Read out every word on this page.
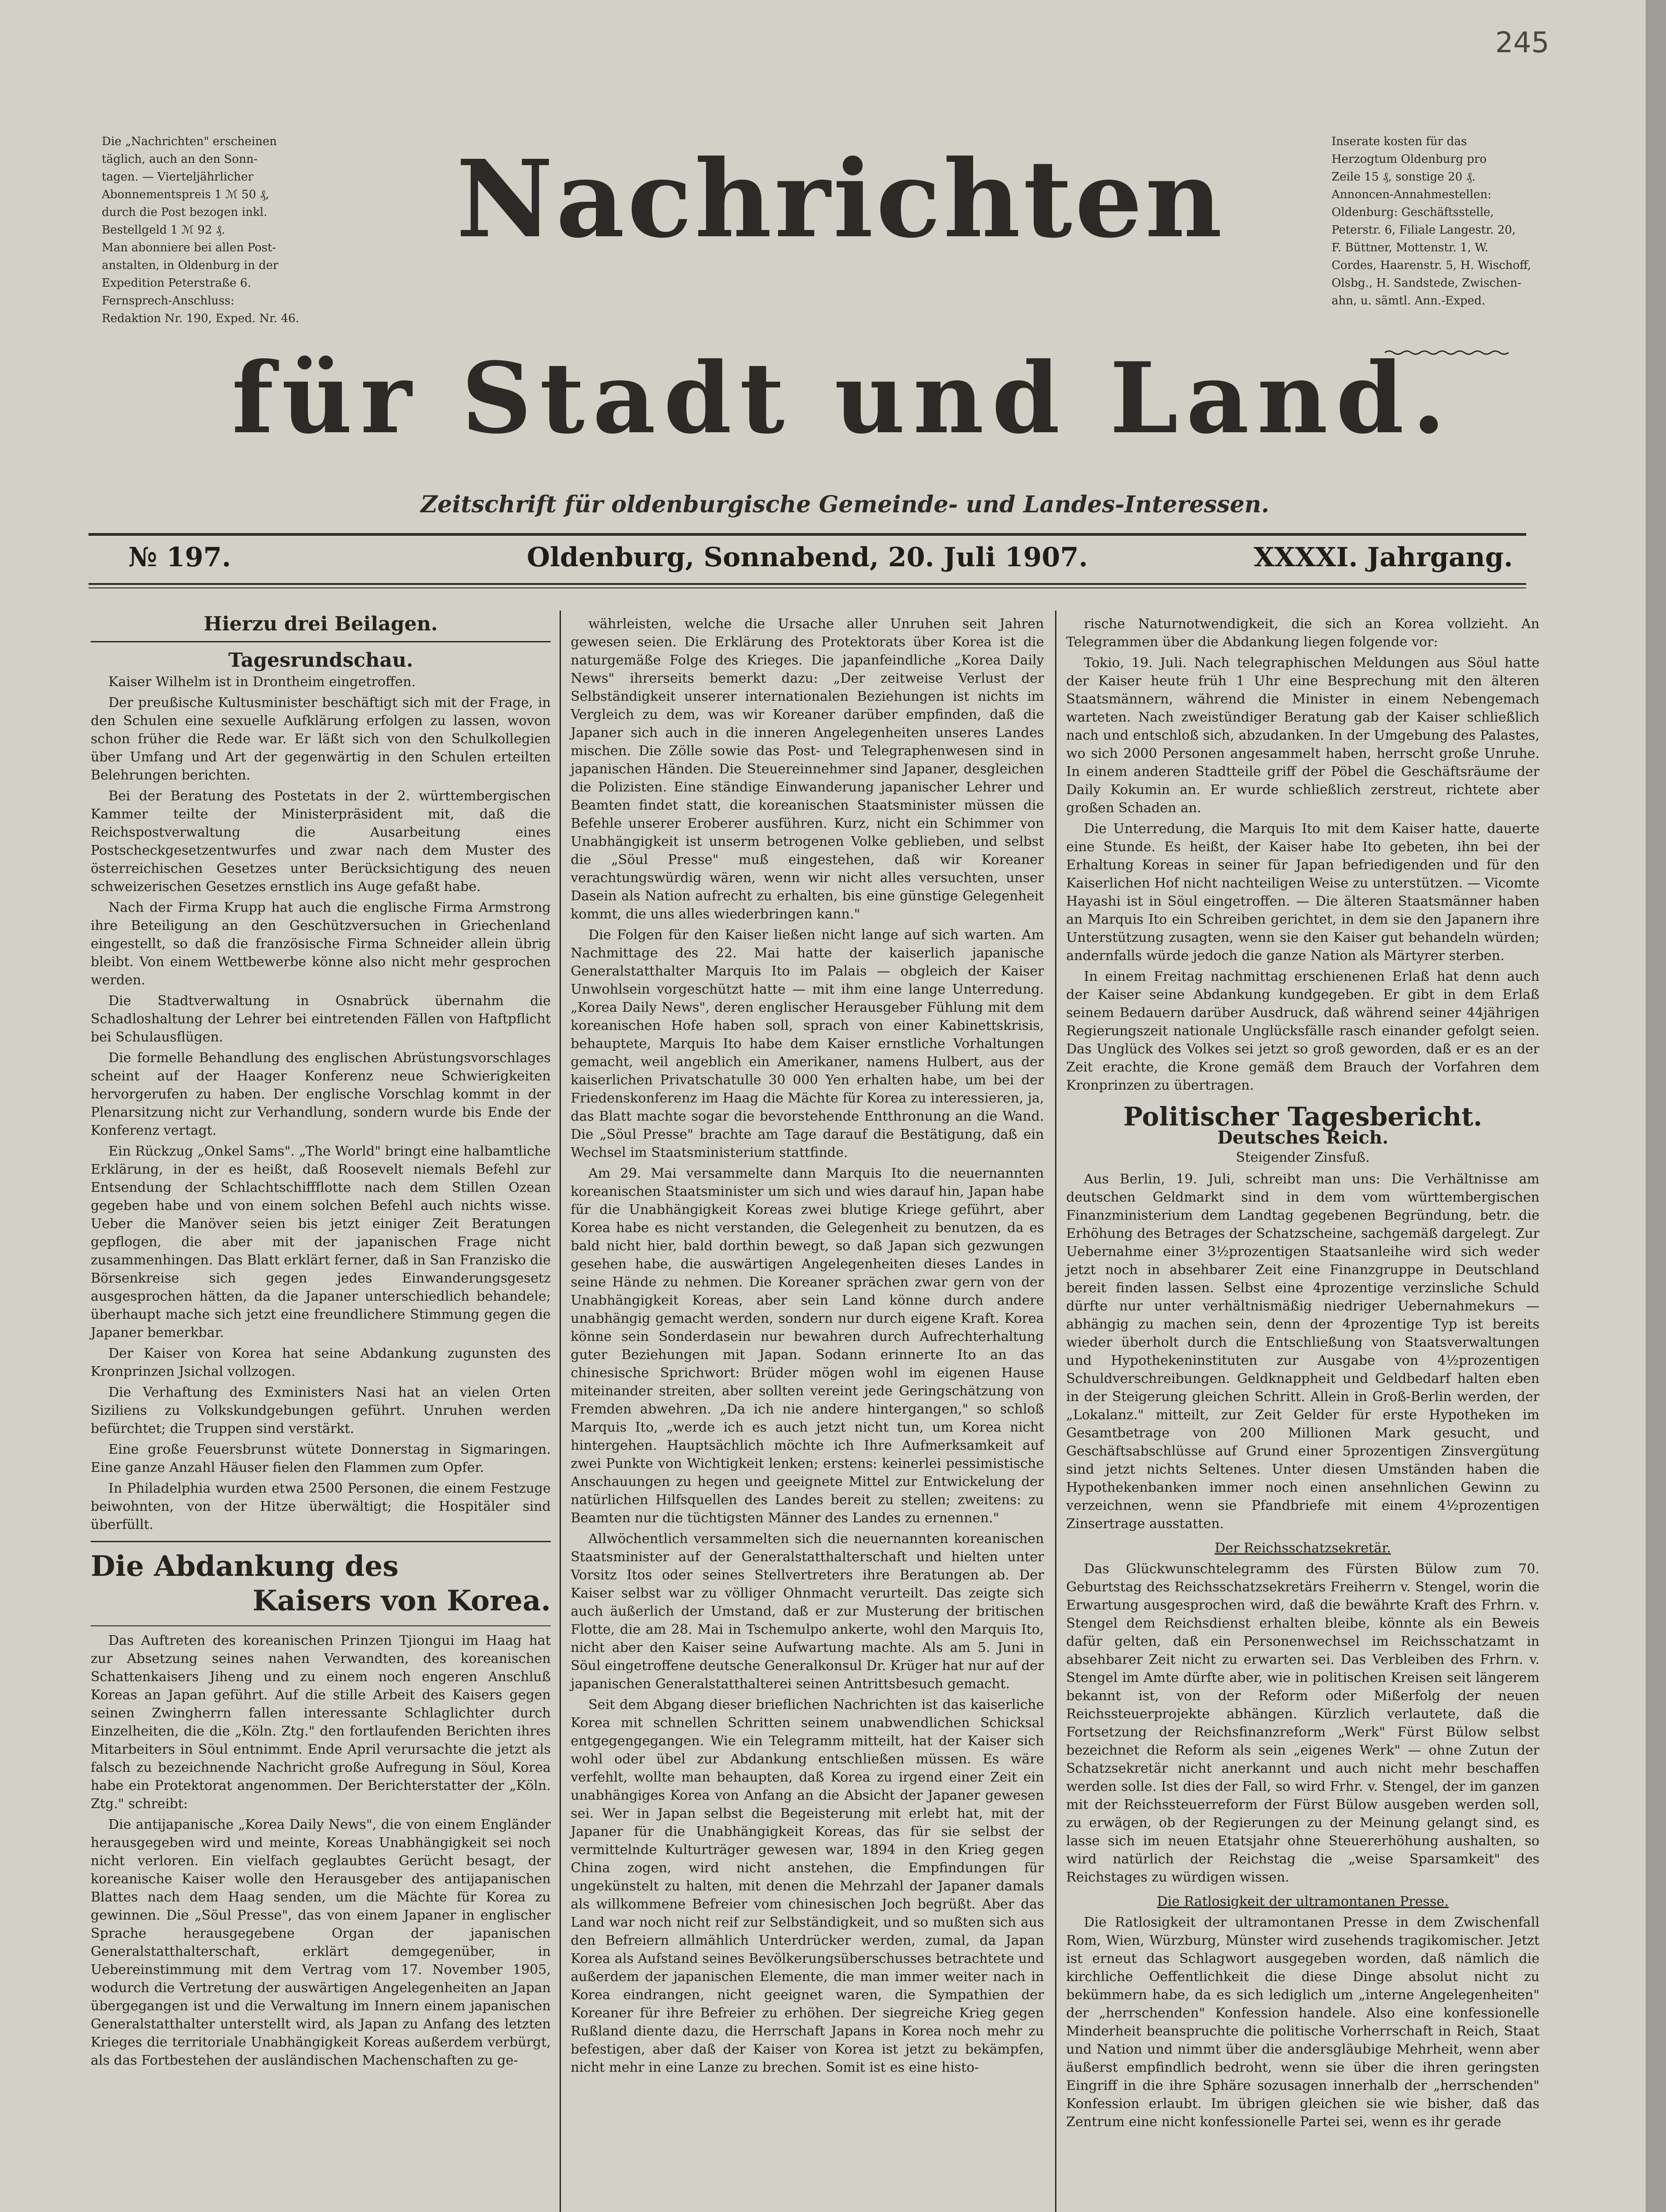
245
Die „Nachrichten" erscheinen
täglich, auch an den Sonn-
tagen. — Vierteljährlicher
Abonnementspreis 1 ℳ 50 ₰,
durch die Post bezogen inkl.
Bestellgeld 1 ℳ 92 ₰.
Man abonniere bei allen Post-
anstalten, in Oldenburg in der
Expedition Peterstraße 6.
Fernsprech-Anschluss:
Redaktion Nr. 190, Exped. Nr. 46.
Inserate kosten für das
Herzogtum Oldenburg pro
Zeile 15 ₰, sonstige 20 ₰.
Annoncen-Annahmestellen:
Oldenburg: Geschäftsstelle,
Peterstr. 6, Filiale Langestr. 20,
F. Büttner, Mottenstr. 1, W.
Cordes, Haarenstr. 5, H. Wischoff,
Olsbg., H. Sandstede, Zwischen-
ahn, u. sämtl. Ann.-Exped.
Nachrichten
für Stadt und Land.
Zeitschrift für oldenburgische Gemeinde- und Landes-Interessen.
№ 197.	Oldenburg, Sonnabend, 20. Juli 1907.	XXXXI. Jahrgang.
Hierzu drei Beilagen.
Tagesrundschau.

Kaiser Wilhelm ist in Drontheim eingetroffen.

Der preußische Kultusminister beschäftigt sich mit der Frage, in den Schulen eine sexuelle Aufklärung erfolgen zu lassen, wovon schon früher die Rede war. Er läßt sich von den Schulkollegien über Umfang und Art der gegenwärtig in den Schulen erteilten Belehrungen berichten.

Bei der Beratung des Postetats in der 2. württembergischen Kammer teilte der Ministerpräsident mit, daß die Reichspostverwaltung die Ausarbeitung eines Postscheckgesetzentwurfes und zwar nach dem Muster des österreichischen Gesetzes unter Berücksichtigung des neuen schweizerischen Gesetzes ernstlich ins Auge gefaßt habe.

Nach der Firma Krupp hat auch die englische Firma Armstrong ihre Beteiligung an den Geschützversuchen in Griechenland eingestellt, so daß die französische Firma Schneider allein übrig bleibt. Von einem Wettbewerbe könne also nicht mehr gesprochen werden.

Die Stadtverwaltung in Osnabrück übernahm die Schadloshaltung der Lehrer bei eintretenden Fällen von Haftpflicht bei Schulausflügen.

Die formelle Behandlung des englischen Abrüstungsvorschlages scheint auf der Haager Konferenz neue Schwierigkeiten hervorgerufen zu haben. Der englische Vorschlag kommt in der Plenarsitzung nicht zur Verhandlung, sondern wurde bis Ende der Konferenz vertagt.

Ein Rückzug „Onkel Sams". „The World" bringt eine halbamtliche Erklärung, in der es heißt, daß Roosevelt niemals Befehl zur Entsendung der Schlachtschiffflotte nach dem Stillen Ozean gegeben habe und von einem solchen Befehl auch nichts wisse. Ueber die Manöver seien bis jetzt einiger Zeit Beratungen gepflogen, die aber mit der japanischen Frage nicht zusammenhingen. Das Blatt erklärt ferner, daß in San Franzisko die Börsenkreise sich gegen jedes Einwanderungsgesetz ausgesprochen hätten, da die Japaner unterschiedlich behandele; überhaupt mache sich jetzt eine freundlichere Stimmung gegen die Japaner bemerkbar.

Der Kaiser von Korea hat seine Abdankung zugunsten des Kronprinzen Jsichal vollzogen.

Die Verhaftung des Exministers Nasi hat an vielen Orten Siziliens zu Volkskundgebungen geführt. Unruhen werden befürchtet; die Truppen sind verstärkt.

Eine große Feuersbrunst wütete Donnerstag in Sigmaringen. Eine ganze Anzahl Häuser fielen den Flammen zum Opfer.

In Philadelphia wurden etwa 2500 Personen, die einem Festzuge beiwohnten, von der Hitze überwältigt; die Hospitäler sind überfüllt.

Die Abdankung des
Kaisers von Korea.

Das Auftreten des koreanischen Prinzen Tjiongui im Haag hat zur Absetzung seines nahen Verwandten, des koreanischen Schattenkaisers Jiheng und zu einem noch engeren Anschluß Koreas an Japan geführt. Auf die stille Arbeit des Kaisers gegen seinen Zwingherrn fallen interessante Schlaglichter durch Einzelheiten, die die „Köln. Ztg." den fortlaufenden Berichten ihres Mitarbeiters in Söul entnimmt. Ende April verursachte die jetzt als falsch zu bezeichnende Nachricht große Aufregung in Söul, Korea habe ein Protektorat angenommen. Der Berichterstatter der „Köln. Ztg." schreibt:

Die antijapanische „Korea Daily News", die von einem Engländer herausgegeben wird und meinte, Koreas Unabhängigkeit sei noch nicht verloren. Ein vielfach geglaubtes Gerücht besagt, der koreanische Kaiser wolle den Herausgeber des antijapanischen Blattes nach dem Haag senden, um die Mächte für Korea zu gewinnen. Die „Söul Presse", das von einem Japaner in englischer Sprache herausgegebene Organ der japanischen Generalstatthalterschaft, erklärt demgegenüber, in Uebereinstimmung mit dem Vertrag vom 17. November 1905, wodurch die Vertretung der auswärtigen Angelegenheiten an Japan übergegangen ist und die Verwaltung im Innern einem japanischen Generalstatthalter unterstellt wird, als Japan zu Anfang des letzten Krieges die territoriale Unabhängigkeit Koreas außerdem verbürgt, als das Fortbestehen der ausländischen Machenschaften zu ge-

währleisten, welche die Ursache aller Unruhen seit Jahren gewesen seien. Die Erklärung des Protektorats über Korea ist die naturgemäße Folge des Krieges. Die japanfeindliche „Korea Daily News" ihrerseits bemerkt dazu: „Der zeitweise Verlust der Selbständigkeit unserer internationalen Beziehungen ist nichts im Vergleich zu dem, was wir Koreaner darüber empfinden, daß die Japaner sich auch in die inneren Angelegenheiten unseres Landes mischen. Die Zölle sowie das Post- und Telegraphenwesen sind in japanischen Händen. Die Steuereinnehmer sind Japaner, desgleichen die Polizisten. Eine ständige Einwanderung japanischer Lehrer und Beamten findet statt, die koreanischen Staatsminister müssen die Befehle unserer Eroberer ausführen. Kurz, nicht ein Schimmer von Unabhängigkeit ist unserm betrogenen Volke geblieben, und selbst die „Söul Presse" muß eingestehen, daß wir Koreaner verachtungswürdig wären, wenn wir nicht alles versuchten, unser Dasein als Nation aufrecht zu erhalten, bis eine günstige Gelegenheit kommt, die uns alles wiederbringen kann."

Die Folgen für den Kaiser ließen nicht lange auf sich warten. Am Nachmittage des 22. Mai hatte der kaiserlich japanische Generalstatthalter Marquis Ito im Palais — obgleich der Kaiser Unwohlsein vorgeschützt hatte — mit ihm eine lange Unterredung. „Korea Daily News", deren englischer Herausgeber Fühlung mit dem koreanischen Hofe haben soll, sprach von einer Kabinettskrisis, behauptete, Marquis Ito habe dem Kaiser ernstliche Vorhaltungen gemacht, weil angeblich ein Amerikaner, namens Hulbert, aus der kaiserlichen Privatschatulle 30 000 Yen erhalten habe, um bei der Friedenskonferenz im Haag die Mächte für Korea zu interessieren, ja, das Blatt machte sogar die bevorstehende Entthronung an die Wand. Die „Söul Presse" brachte am Tage darauf die Bestätigung, daß ein Wechsel im Staatsministerium stattfinde.

Am 29. Mai versammelte dann Marquis Ito die neuernannten koreanischen Staatsminister um sich und wies darauf hin, Japan habe für die Unabhängigkeit Koreas zwei blutige Kriege geführt, aber Korea habe es nicht verstanden, die Gelegenheit zu benutzen, da es bald nicht hier, bald dorthin bewegt, so daß Japan sich gezwungen gesehen habe, die auswärtigen Angelegenheiten dieses Landes in seine Hände zu nehmen. Die Koreaner sprächen zwar gern von der Unabhängigkeit Koreas, aber sein Land könne durch andere unabhängig gemacht werden, sondern nur durch eigene Kraft. Korea könne sein Sonderdasein nur bewahren durch Aufrechterhaltung guter Beziehungen mit Japan. Sodann erinnerte Ito an das chinesische Sprichwort: Brüder mögen wohl im eigenen Hause miteinander streiten, aber sollten vereint jede Geringschätzung von Fremden abwehren. „Da ich nie andere hintergangen," so schloß Marquis Ito, „werde ich es auch jetzt nicht tun, um Korea nicht hintergehen. Hauptsächlich möchte ich Ihre Aufmerksamkeit auf zwei Punkte von Wichtigkeit lenken; erstens: keinerlei pessimistische Anschauungen zu hegen und geeignete Mittel zur Entwickelung der natürlichen Hilfsquellen des Landes bereit zu stellen; zweitens: zu Beamten nur die tüchtigsten Männer des Landes zu ernennen."

Allwöchentlich versammelten sich die neuernannten koreanischen Staatsminister auf der Generalstatthalterschaft und hielten unter Vorsitz Itos oder seines Stellvertreters ihre Beratungen ab. Der Kaiser selbst war zu völliger Ohnmacht verurteilt. Das zeigte sich auch äußerlich der Umstand, daß er zur Musterung der britischen Flotte, die am 28. Mai in Tschemulpo ankerte, wohl den Marquis Ito, nicht aber den Kaiser seine Aufwartung machte. Als am 5. Juni in Söul eingetroffene deutsche Generalkonsul Dr. Krüger hat nur auf der japanischen Generalstatthalterei seinen Antrittsbesuch gemacht.

Seit dem Abgang dieser brieflichen Nachrichten ist das kaiserliche Korea mit schnellen Schritten seinem unabwendlichen Schicksal entgegengegangen. Wie ein Telegramm mitteilt, hat der Kaiser sich wohl oder übel zur Abdankung entschließen müssen. Es wäre verfehlt, wollte man behaupten, daß Korea zu irgend einer Zeit ein unabhängiges Korea von Anfang an die Absicht der Japaner gewesen sei. Wer in Japan selbst die Begeisterung mit erlebt hat, mit der Japaner für die Unabhängigkeit Koreas, das für sie selbst der vermittelnde Kulturträger gewesen war, 1894 in den Krieg gegen China zogen, wird nicht anstehen, die Empfindungen für ungekünstelt zu halten, mit denen die Mehrzahl der Japaner damals als willkommene Befreier vom chinesischen Joch begrüßt. Aber das Land war noch nicht reif zur Selbständigkeit, und so mußten sich aus den Befreiern allmählich Unterdrücker werden, zumal, da Japan Korea als Aufstand seines Bevölkerungsüberschusses betrachtete und außerdem der japanischen Elemente, die man immer weiter nach in Korea eindrangen, nicht geeignet waren, die Sympathien der Koreaner für ihre Befreier zu erhöhen. Der siegreiche Krieg gegen Rußland diente dazu, die Herrschaft Japans in Korea noch mehr zu befestigen, aber daß der Kaiser von Korea ist jetzt zu bekämpfen, nicht mehr in eine Lanze zu brechen. Somit ist es eine histo-

rische Naturnotwendigkeit, die sich an Korea vollzieht. An Telegrammen über die Abdankung liegen folgende vor:

Tokio, 19. Juli. Nach telegraphischen Meldungen aus Söul hatte der Kaiser heute früh 1 Uhr eine Besprechung mit den älteren Staatsmännern, während die Minister in einem Nebengemach warteten. Nach zweistündiger Beratung gab der Kaiser schließlich nach und entschloß sich, abzudanken. In der Umgebung des Palastes, wo sich 2000 Personen angesammelt haben, herrscht große Unruhe. In einem anderen Stadtteile griff der Pöbel die Geschäftsräume der Daily Kokumin an. Er wurde schließlich zerstreut, richtete aber großen Schaden an.

Die Unterredung, die Marquis Ito mit dem Kaiser hatte, dauerte eine Stunde. Es heißt, der Kaiser habe Ito gebeten, ihn bei der Erhaltung Koreas in seiner für Japan befriedigenden und für den Kaiserlichen Hof nicht nachteiligen Weise zu unterstützen. — Vicomte Hayashi ist in Söul eingetroffen. — Die älteren Staatsmänner haben an Marquis Ito ein Schreiben gerichtet, in dem sie den Japanern ihre Unterstützung zusagten, wenn sie den Kaiser gut behandeln würden; andernfalls würde jedoch die ganze Nation als Märtyrer sterben.

In einem Freitag nachmittag erschienenen Erlaß hat denn auch der Kaiser seine Abdankung kundgegeben. Er gibt in dem Erlaß seinem Bedauern darüber Ausdruck, daß während seiner 44jährigen Regierungszeit nationale Unglücksfälle rasch einander gefolgt seien. Das Unglück des Volkes sei jetzt so groß geworden, daß er es an der Zeit erachte, die Krone gemäß dem Brauch der Vorfahren dem Kronprinzen zu übertragen.

Politischer Tagesbericht.
Deutsches Reich.
Steigender Zinsfuß.

Aus Berlin, 19. Juli, schreibt man uns: Die Verhältnisse am deutschen Geldmarkt sind in dem vom württembergischen Finanzministerium dem Landtag gegebenen Begründung, betr. die Erhöhung des Betrages der Schatzscheine, sachgemäß dargelegt. Zur Uebernahme einer 3½prozentigen Staatsanleihe wird sich weder jetzt noch in absehbarer Zeit eine Finanzgruppe in Deutschland bereit finden lassen. Selbst eine 4prozentige verzinsliche Schuld dürfte nur unter verhältnismäßig niedriger Uebernahmekurs — abhängig zu machen sein, denn der 4prozentige Typ ist bereits wieder überholt durch die Entschließung von Staatsverwaltungen und Hypothekeninstituten zur Ausgabe von 4½prozentigen Schuldverschreibungen. Geldknappheit und Geldbedarf halten eben in der Steigerung gleichen Schritt. Allein in Groß-Berlin werden, der „Lokalanz." mitteilt, zur Zeit Gelder für erste Hypotheken im Gesamtbetrage von 200 Millionen Mark gesucht, und Geschäftsabschlüsse auf Grund einer 5prozentigen Zinsvergütung sind jetzt nichts Seltenes. Unter diesen Umständen haben die Hypothekenbanken immer noch einen ansehnlichen Gewinn zu verzeichnen, wenn sie Pfandbriefe mit einem 4½prozentigen Zinsertrage ausstatten.

Der Reichsschatzsekretär.

Das Glückwunschtelegramm des Fürsten Bülow zum 70. Geburtstag des Reichsschatzsekretärs Freiherrn v. Stengel, worin die Erwartung ausgesprochen wird, daß die bewährte Kraft des Frhrn. v. Stengel dem Reichsdienst erhalten bleibe, könnte als ein Beweis dafür gelten, daß ein Personenwechsel im Reichsschatzamt in absehbarer Zeit nicht zu erwarten sei. Das Verbleiben des Frhrn. v. Stengel im Amte dürfte aber, wie in politischen Kreisen seit längerem bekannt ist, von der Reform oder Mißerfolg der neuen Reichssteuerprojekte abhängen. Kürzlich verlautete, daß die Fortsetzung der Reichsfinanzreform „Werk" Fürst Bülow selbst bezeichnet die Reform als sein „eigenes Werk" — ohne Zutun der Schatzsekretär nicht anerkannt und auch nicht mehr beschaffen werden solle. Ist dies der Fall, so wird Frhr. v. Stengel, der im ganzen mit der Reichssteuerreform der Fürst Bülow ausgeben werden soll, zu erwägen, ob der Regierungen zu der Meinung gelangt sind, es lasse sich im neuen Etatsjahr ohne Steuererhöhung aushalten, so wird natürlich der Reichstag die „weise Sparsamkeit" des Reichstages zu würdigen wissen.

Die Ratlosigkeit der ultramontanen Presse.

Die Ratlosigkeit der ultramontanen Presse in dem Zwischenfall Rom, Wien, Würzburg, Münster wird zusehends tragikomischer. Jetzt ist erneut das Schlagwort ausgegeben worden, daß nämlich die kirchliche Oeffentlichkeit die diese Dinge absolut nicht zu bekümmern habe, da es sich lediglich um „interne Angelegenheiten" der „herrschenden" Konfession handele. Also eine konfessionelle Minderheit beanspruchte die politische Vorherrschaft in Reich, Staat und Nation und nimmt über die andersgläubige Mehrheit, wenn aber äußerst empfindlich bedroht, wenn sie über die ihren geringsten Eingriff in die ihre Sphäre sozusagen innerhalb der „herrschenden" Konfession erlaubt. Im übrigen gleichen sie wie bisher, daß das Zentrum eine nicht konfessionelle Partei sei, wenn es ihr gerade
